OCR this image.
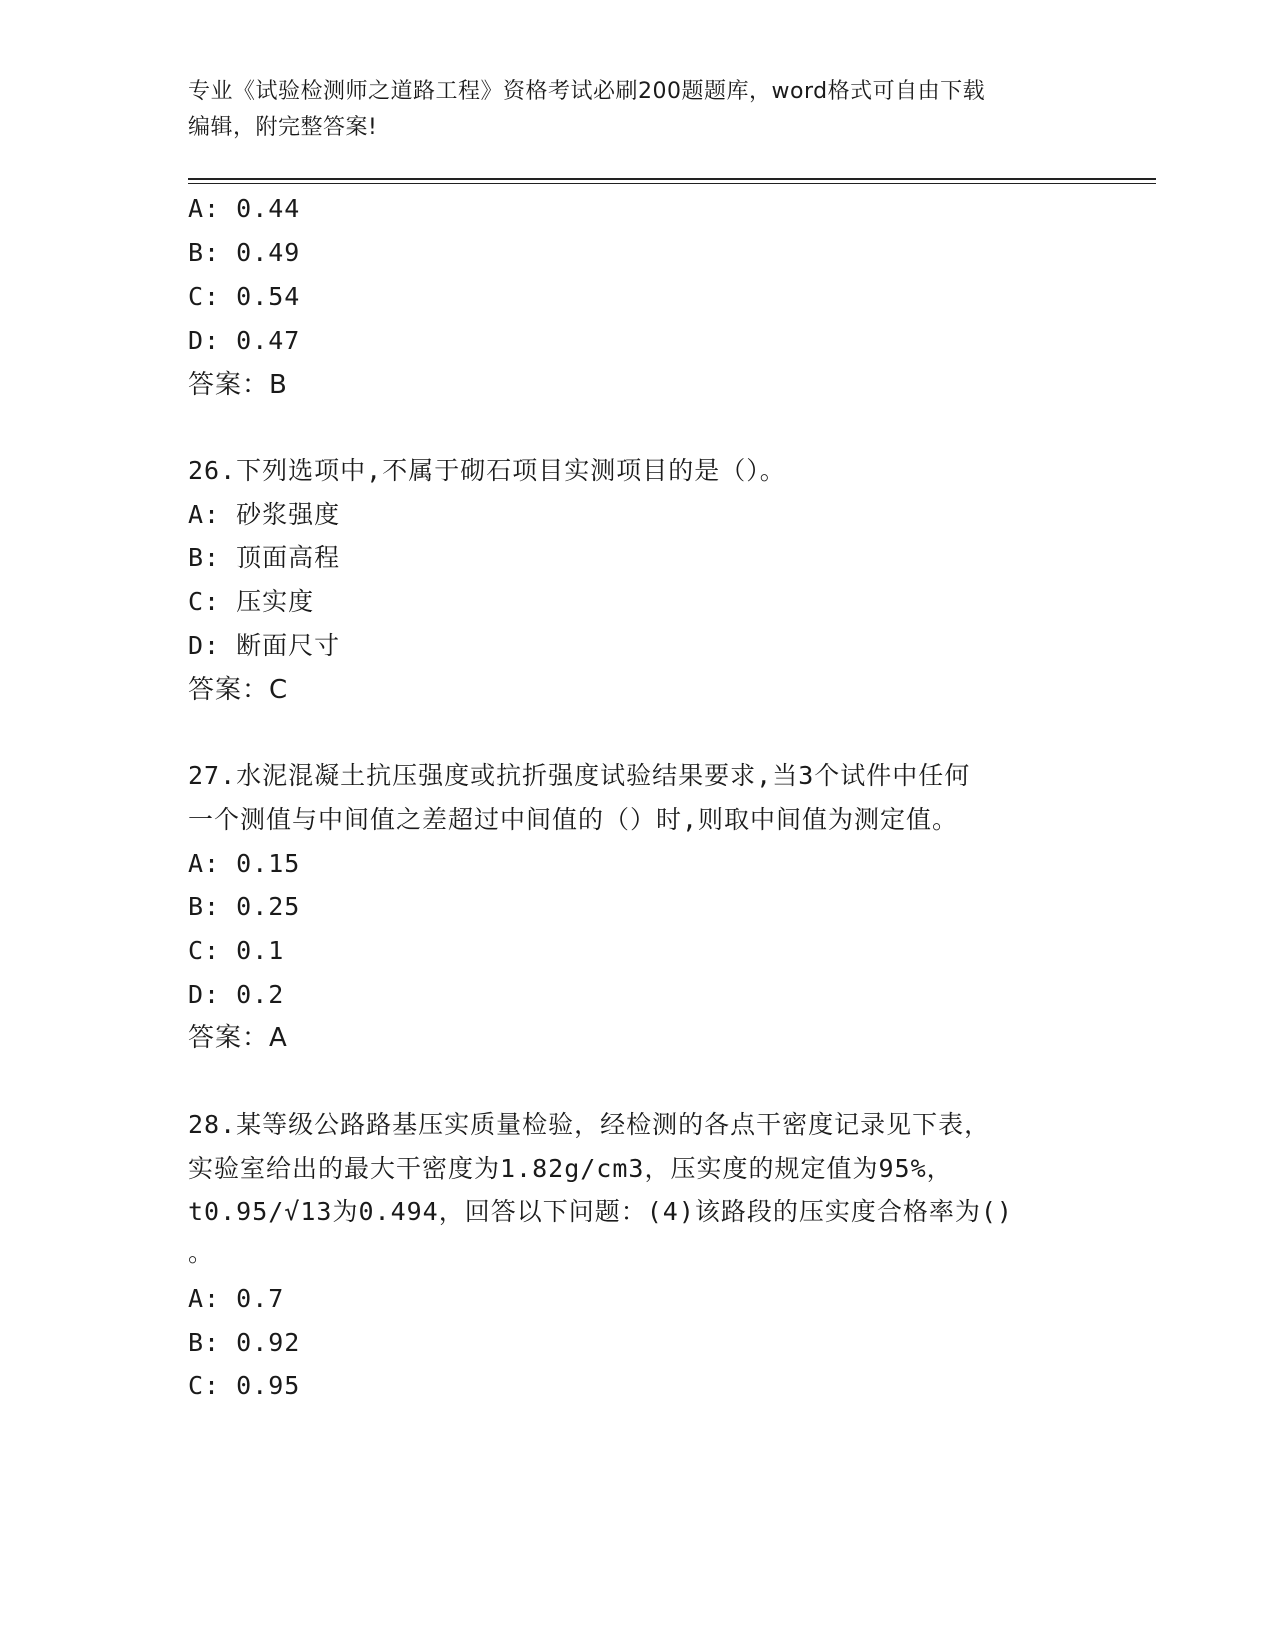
专业《试验检测师之道路工程》资格考试必刷200题题库，word格式可自由下载
编辑，附完整答案!
A: 0.44
B: 0.49
C: 0.54
D: 0.47
答案：B
26.下列选项中,不属于砌石项目实测项目的是（）。
A: 砂浆强度
B: 顶面高程
C: 压实度
D: 断面尺寸
答案：C
27.水泥混凝土抗压强度或抗折强度试验结果要求,当3个试件中任何
一个测值与中间值之差超过中间值的（）时,则取中间值为测定值。
A: 0.15
B: 0.25
C: 0.1
D: 0.2
答案：A
28.某等级公路路基压实质量检验，经检测的各点干密度记录见下表，
实验室给出的最大干密度为1.82g/cm3，压实度的规定值为95%，
t0.95/√13为0.494，回答以下问题：(4)该路段的压实度合格率为()
。
A: 0.7
B: 0.92
C: 0.95
